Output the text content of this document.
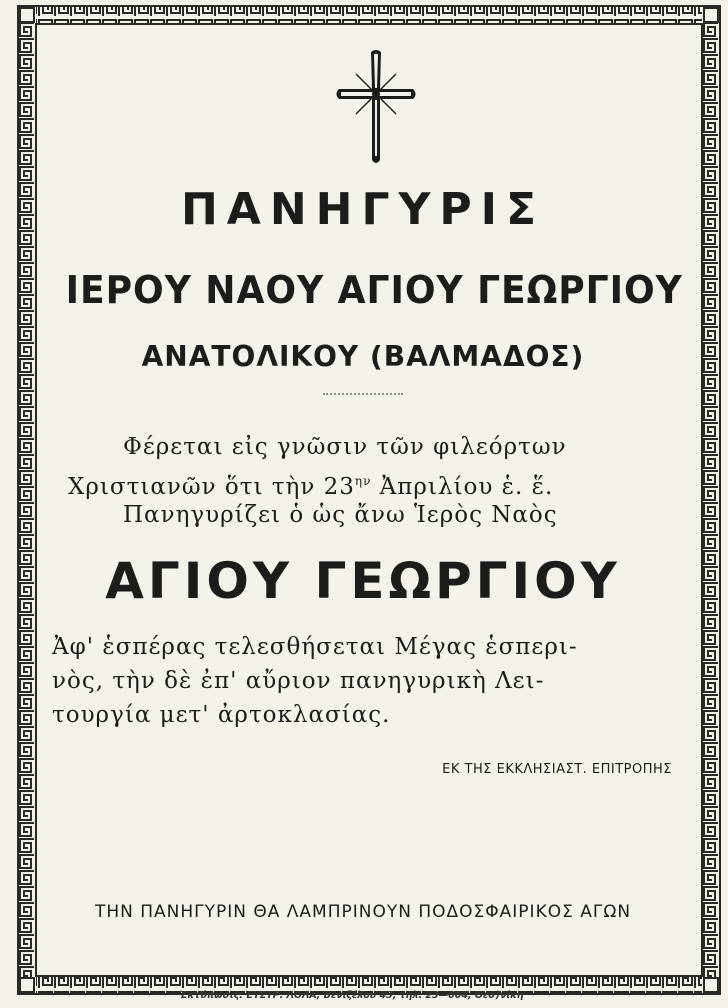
ΠΑΝΗΓΥΡΙΣ
ΙΕΡΟΥ ΝΑΟΥ ΑΓΙΟΥ ΓΕΩΡΓΙΟΥ
ΑΝΑΤΟΛΙΚΟΥ (ΒΑΛΜΑΔΟΣ)
Φέρεται εἰς γνῶσιν τῶν φιλεόρτων
Χριστιανῶν ὅτι τὴν $23^{\eta\nu}$ Ἀπριλίου ἑ. ἕ.
Πανηγυρίζει ὁ ὡς ἄνω Ἱερὸς Ναὸς
ΑΓΙΟΥ ΓΕΩΡΓΙΟΥ
Ἀφ' ἑσπέρας τελεσθήσεται Μέγας ἑσπερι-
νὸς, τὴν δὲ ἐπ' αὔριον πανηγυρικὴ Λει-
τουργία μετ' ἀρτοκλασίας.
ΕΚ ΤΗΣ ΕΚΚΛΗΣΙΑΣΤ. ΕΠΙΤΡΟΠΗΣ
ΤΗΝ ΠΑΝΗΓΥΡΙΝ ΘΑ ΛΑΜΠΡΙΝΟΥΝ ΠΟΔΟΣΦΑΙΡΙΚΟΣ ΑΓΩΝ
Ἐκτύπωσις: ΕΥΣΤΡ. ΛΟΛΑ, Βενιζέλου 45, τηλ. 23—004, Θεσ)νίκη
